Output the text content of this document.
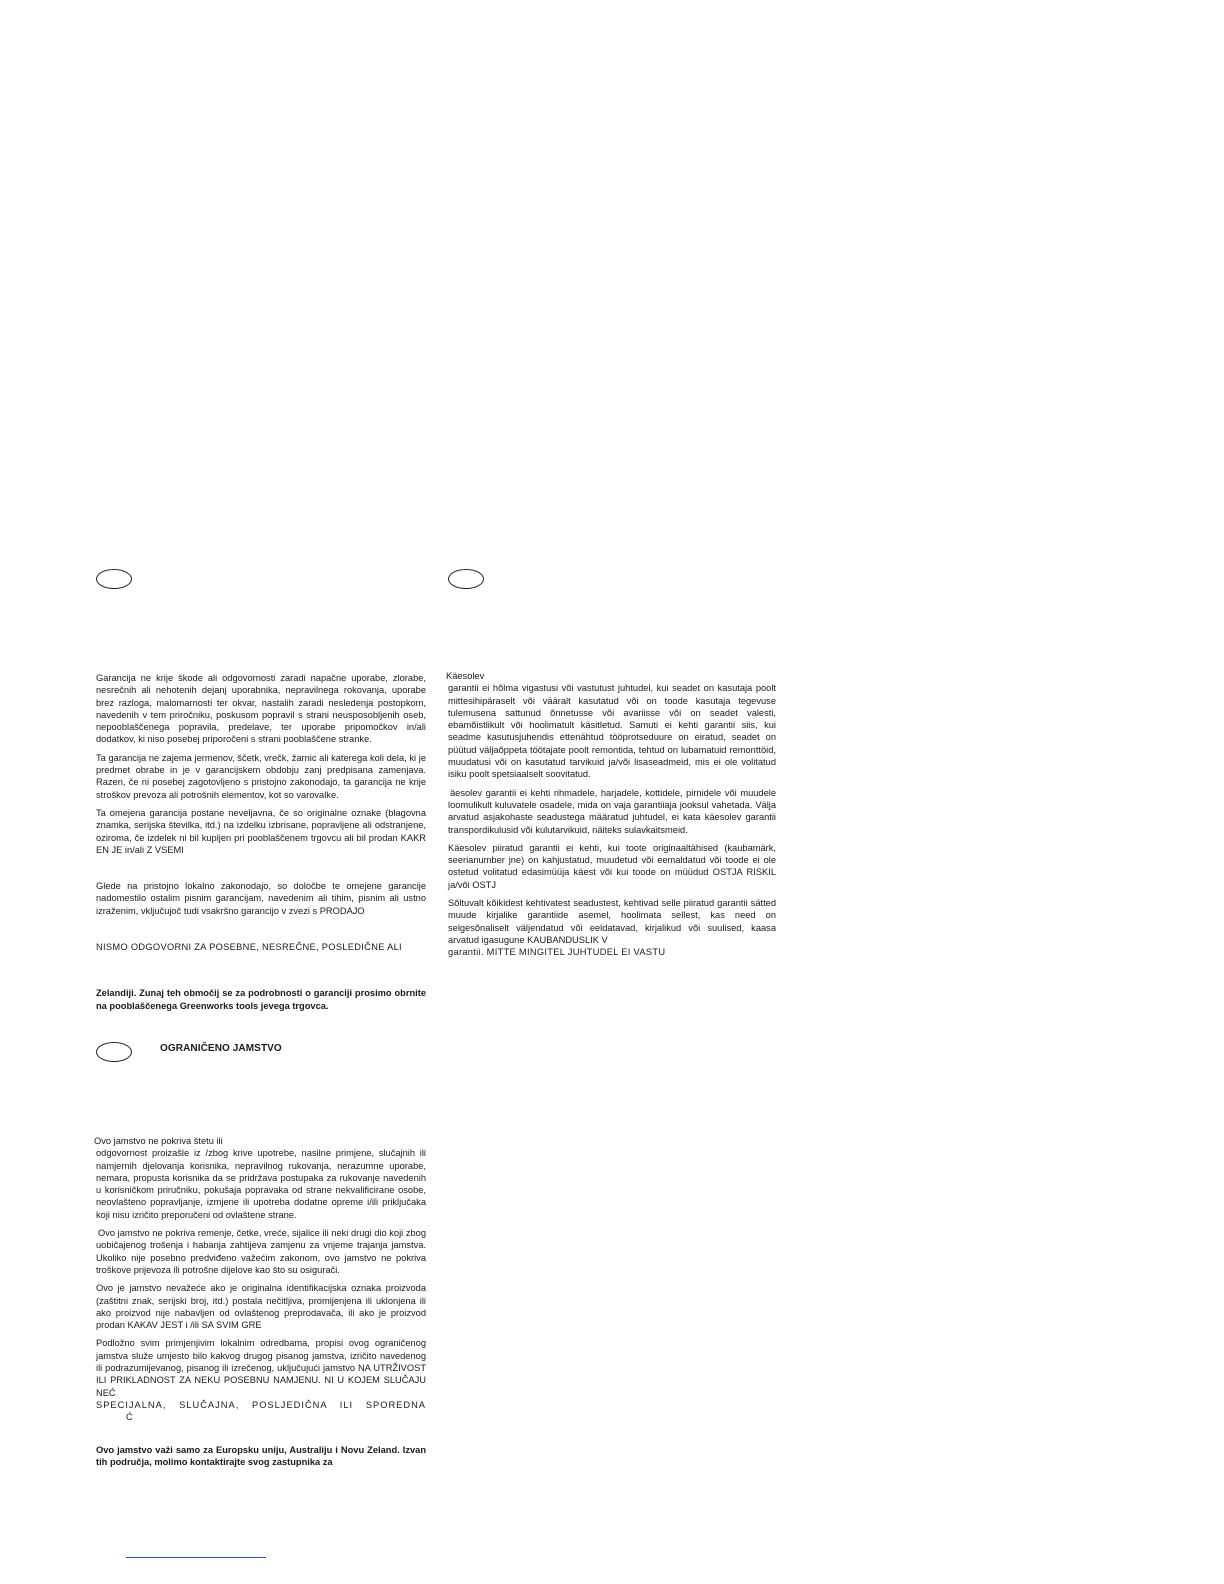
Garancija ne krije škode ali odgovornosti zaradi napačne uporabe, zlorabe, nesrečnih ali nehotenih dejanj uporabnika, nepravilnega rokovanja, uporabe brez razloga, malomarnosti ter okvar, nastalih zaradi nesledenja postopkom, navedenih v tem priročniku, poskusom popravil s strani neusposobljenih oseb, nepooblaščenega popravila, predelave, ter uporabe pripomočkov in/ali dodatkov, ki niso posebej priporočeni s strani pooblaščene stranke.

Ta garancija ne zajema jermenov, ščetk, vrečk, žarnic ali katerega koli dela, ki je predmet obrabe in je v garancijskem obdobju zanj predpisana zamenjava. Razen, če ni posebej zagotovljeno s pristojno zakonodajo, ta garancija ne krije stroškov prevoza ali potrošnih elementov, kot so varovalke.

Ta omejena garancija postane neveljavna, če so originalne oznake (blagovna znamka, serijska številka, itd.) na izdelku izbrisane, popravljene ali odstranjene, oziroma, če izdelek ni bil kupljen pri pooblaščenem trgovcu ali bil prodan KAKR EN JE in/ali Z VSEMI

Glede na pristojno lokalno zakonodajo, so določbe te omejene garancije nadomestilo ostalim pisnim garancijam, navedenim ali tihim, pisnim ali ustno izraženim, vključujoč tudi vsakršno garancijo v zvezi s PRODAJO

NISMO ODGOVORNI ZA POSEBNE, NESREČNE, POSLEDIČNE ALI

Zelandiji. Zunaj teh območij se za podrobnosti o garanciji prosimo obrnite na pooblaščenega Greenworks tools jevega trgovca.

OGRANIČENO JAMSTVO

Ovo jamstvo ne pokriva štetu ili

odgovornost proizašle iz /zbog krive upotrebe, nasilne primjene, slučajnih ili namjernih djelovanja korisnika, nepravilnog rukovanja, nerazumne uporabe, nemara, propusta korisnika da se pridržava postupaka za rukovanje navedenih u korisničkom priručniku, pokušaja popravaka od strane nekvalificirane osobe, neovlašteno popravljanje, izmjene ili upotreba dodatne opreme i/ili priključaka koji nisu izričito preporučeni od ovlaštene strane.

Ovo jamstvo ne pokriva remenje, četke, vreće, sijalice ili neki drugi dio koji zbog uobičajenog trošenja i habanja zahtijeva zamjenu za vrijeme trajanja jamstva. Ukoliko nije posebno predviđeno važećim zakonom, ovo jamstvo ne pokriva troškove prijevoza ili potrošne dijelove kao što su osigurači.

Ovo je jamstvo nevažeće ako je originalna identifikacijska oznaka proizvoda (zaštitni znak, serijski broj, itd.) postala nečitljiva, promijenjena ili uklonjena ili ako proizvod nije nabavljen od ovlaštenog preprodavača, ili ako je proizvod prodan KAKAV JEST i /ili SA SVIM GRE

Podložno svim primjenjivim lokalnim odredbama, propisi ovog ograničenog jamstva služe umjesto bilo kakvog drugog pisanog jamstva, izričito navedenog ili podrazumijevanog, pisanog ili izrečenog, uključujući jamstvo NA UTRŽIVOST ILI PRIKLADNOST ZA NEKU POSEBNU NAMJENU. NI U KOJEM SLUČAJU NEĆ

SPECIJALNA, SLUČAJNA, POSLJEDIČNA ILI SPOREDNA

Ć

Ovo jamstvo važi samo za Europsku uniju, Australiju i Novu Zeland. Izvan tih područja, molimo kontaktirajte svog zastupnika za

Käesolev

garantii ei hõlma vigastusi või vastutust juhtudel, kui seadet on kasutaja poolt mittesihipäraselt või vääralt kasutatud või on toode kasutaja tegevuse tulemusena sattunud õnnetusse või avariisse või on seadet valesti, ebamõistlikult või hoolimatult käsitletud. Samuti ei kehti garantii siis, kui seadme kasutusjuhendis ettenähtud tööprotseduure on eiratud, seadet on püütud väljaõppeta töötajate poolt remontida, tehtud on lubamatuid remonttöid, muudatusi või on kasutatud tarvikuid ja/või lisaseadmeid, mis ei ole volitatud isiku poolt spetsiaalselt soovitatud.

äesolev garantii ei kehti rihmadele, harjadele, kottidele, pirnidele või muudele loomulikult kuluvatele osadele, mida on vaja garantiiaja jooksul vahetada. Välja arvatud asjakohaste seadustega määratud juhtudel, ei kata käesolev garantii transpordikulusid või kulutarvikuid, näiteks sulavkaitsmeid.

Käesolev piiratud garantii ei kehti, kui toote originaaltähised (kaubamärk, seerianumber jne) on kahjustatud, muudetud või eemaldatud või toode ei ole ostetud volitatud edasimüüja käest või kui toode on müüdud OSTJA RISKIL ja/või OSTJ

Sõltuvalt kõikidest kehtivatest seadustest, kehtivad selle piiratud garantii sätted muude kirjalike garantiide asemel, hoolimata sellest, kas need on selgesõnaliselt väljendatud või eeldatavad, kirjalikud või suulised, kaasa arvatud igasugune KAUBANDUSLIK V

garantii. MITTE MINGITEL JUHTUDEL EI VASTU
